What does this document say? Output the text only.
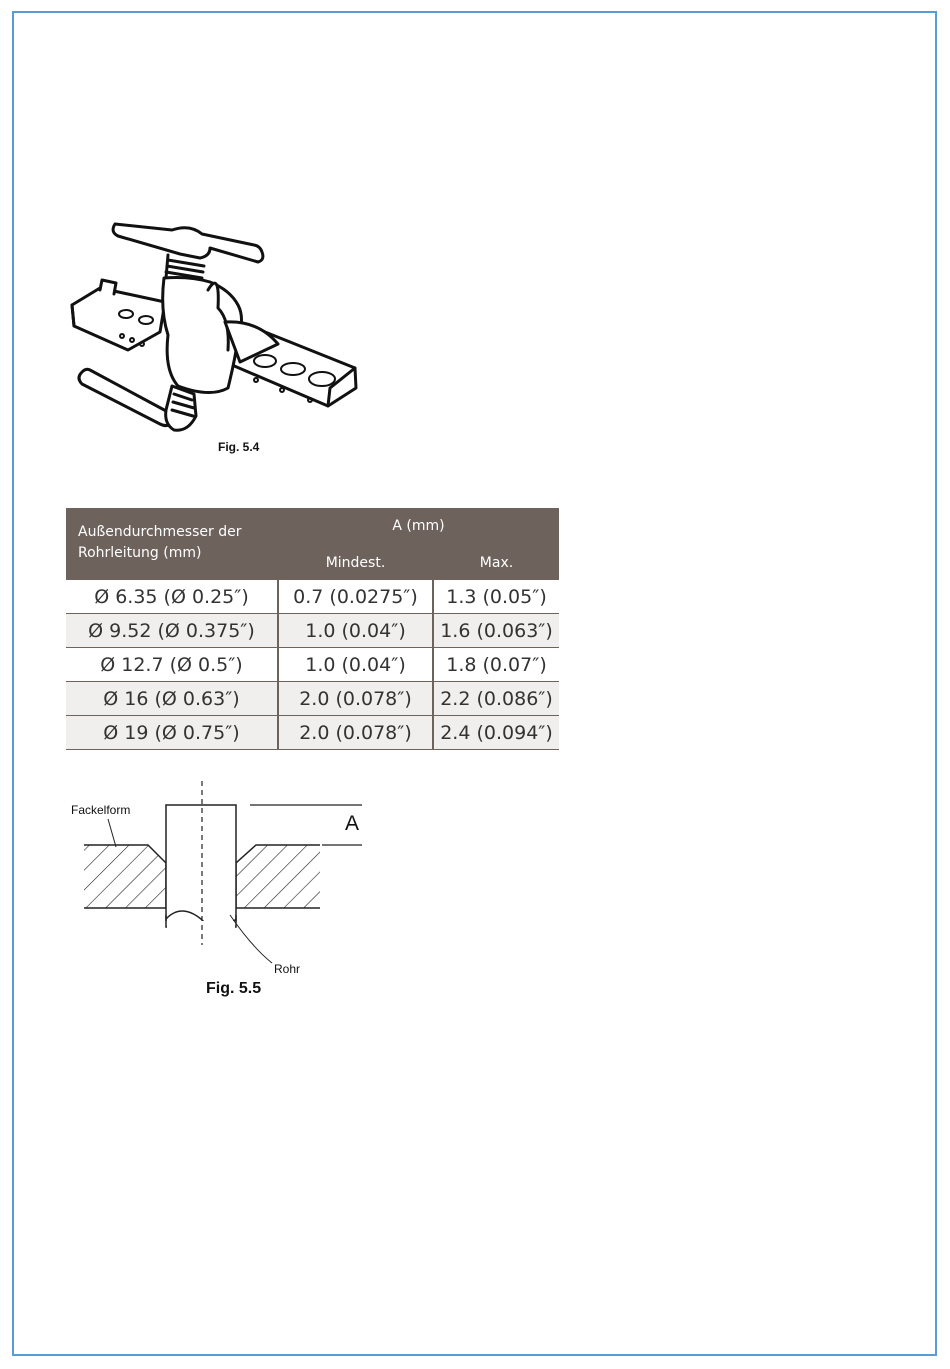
Fig. 5.4
Außendurchmesser der Rohrleitung (mm)	A (mm)	
	Mindest.	Max.
Ø 6.35 (Ø 0.25″)	0.7 (0.0275″)	1.3 (0.05″)
Ø 9.52 (Ø 0.375″)	1.0 (0.04″)	1.6 (0.063″)
Ø 12.7 (Ø 0.5″)	1.0 (0.04″)	1.8 (0.07″)
Ø 16 (Ø 0.63″)	2.0 (0.078″)	2.2 (0.086″)
Ø 19 (Ø 0.75″)	2.0 (0.078″)	2.4 (0.094″)
Fackelform
A
Rohr
Fig. 5.5
